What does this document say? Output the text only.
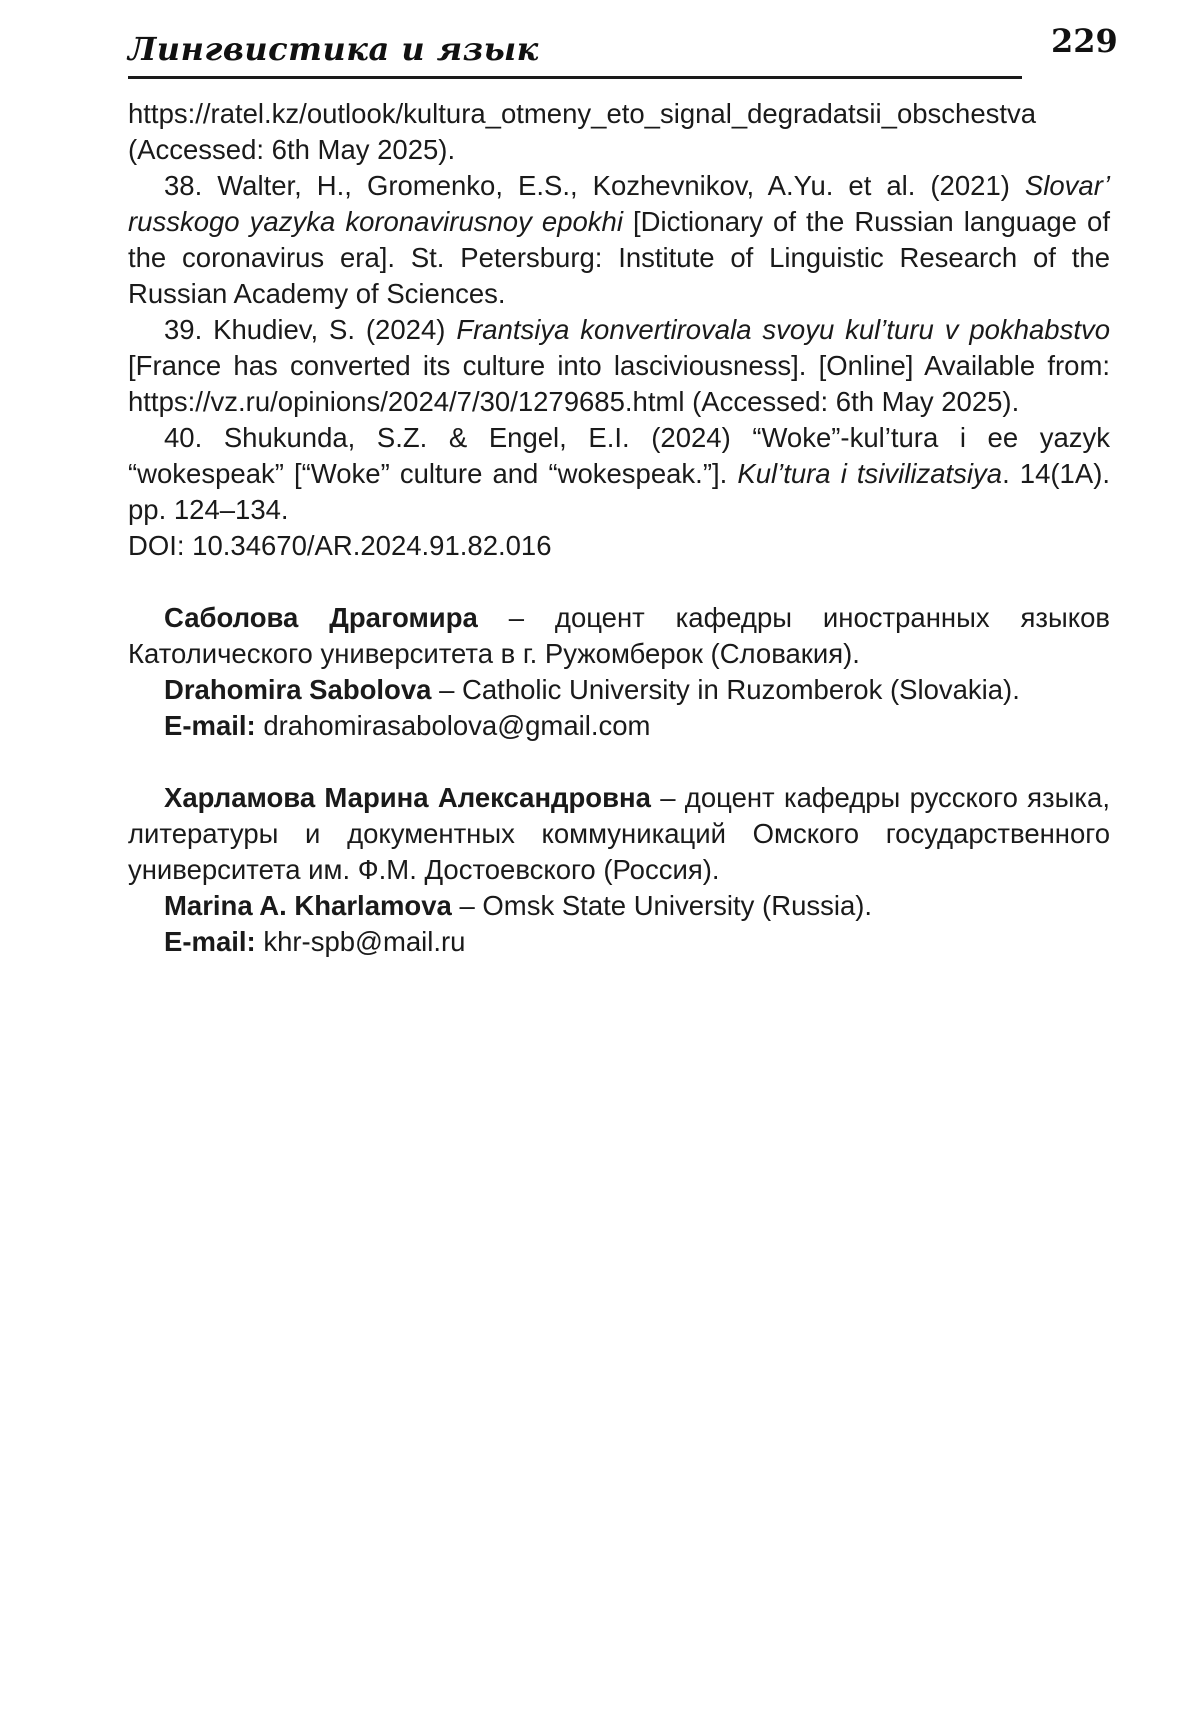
Лингвистика и язык	229

https://ratel.kz/outlook/kultura_otmeny_eto_signal_degradatsii_obschestva
(Accessed: 6th May 2025).

38. Walter, H., Gromenko, E.S., Kozhevnikov, A.Yu. et al. (2021) Slovar’ russkogo yazyka koronavirusnoy epokhi [Dictionary of the Russian language of the coronavirus era]. St. Petersburg: Institute of Linguistic Research of the Russian Academy of Sciences.

39. Khudiev, S. (2024) Frantsiya konvertirovala svoyu kul’turu v pokhabstvo [France has converted its culture into lasciviousness]. [Online] Available from: https://vz.ru/opinions/2024/7/30/1279685.html (Accessed: 6th May 2025).

40. Shukunda, S.Z. & Engel, E.I. (2024) “Woke”-kul’tura i ee yazyk “wokespeak” [“Woke” culture and “wokespeak.”]. Kul’tura i tsivilizatsiya. 14(1A). pp. 124–134.
DOI: 10.34670/AR.2024.91.82.016

Саболова Драгомира – доцент кафедры иностранных языков Католического университета в г. Ружомберок (Словакия).

Drahomira Sabolova – Catholic University in Ruzomberok (Slovakia).

E-mail: drahomirasabolova@gmail.com

Харламова Марина Александровна – доцент кафедры русского языка, литературы и документных коммуникаций Омского государственного университета им. Ф.М. Достоевского (Россия).

Marina A. Kharlamova – Omsk State University (Russia).

E-mail: khr-spb@mail.ru
